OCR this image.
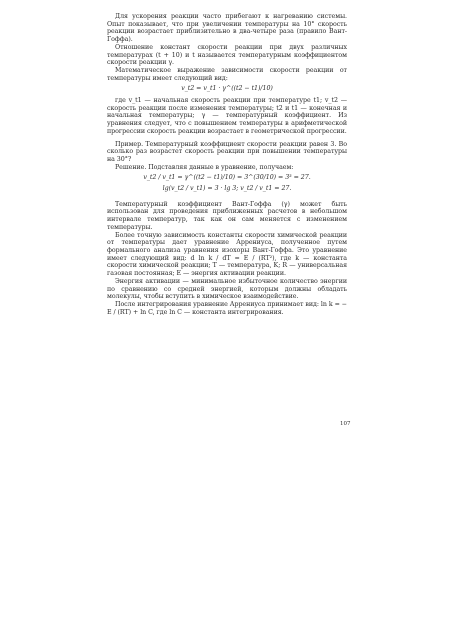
Для ускорения реакции часто прибегают к нагреванию системы. Опыт показывает, что при увеличении температуры на 10° скорость реакции возрастает приблизительно в два-четыре раза (правило Вант-Гоффа).

Отношение констант скорости реакции при двух различных температурах (t + 10) и t называется температурным коэффициентом скорости реакции γ.

Математическое выражение зависимости скорости реакции от температуры имеет следующий вид:

v_t2 = v_t1 · γ^((t2 − t1)/10)

где v_t1 — начальная скорость реакции при температуре t1; v_t2 — скорость реакции после изменения температуры; t2 и t1 — конечная и начальная температуры; γ — температурный коэффициент. Из уравнения следует, что с повышением температуры в арифметической прогрессии скорость реакции возрастает в геометрической прогрессии.

Пример. Температурный коэффициент скорости реакции равен 3. Во сколько раз возрастет скорость реакции при повышении температуры на 30°?

Решение. Подставляя данные в уравнение, получаем:

v_t2 / v_t1 = γ^((t2 − t1)/10) = 3^(30/10) = 3³ = 27.
lg(v_t2 / v_t1) = 3 · lg 3; v_t2 / v_t1 = 27.

Температурный коэффициент Вант-Гоффа (γ) может быть использован для проведения приближенных расчетов в небольшом интервале температур, так как он сам меняется с изменением температуры.

Более точную зависимость константы скорости химической реакции от температуры дает уравнение Аррениуса, полученное путем формального анализа уравнения изохоры Вант-Гоффа. Это уравнение имеет следующий вид: d ln k / dT = E / (RT²), где k — константа скорости химической реакции; T — температура, K; R — универсальная газовая постоянная; E — энергия активации реакции.

Энергия активации — минимальное избыточное количество энергии по сравнению со средней энергией, которым должны обладать молекулы, чтобы вступить в химическое взаимодействие.

После интегрирования уравнение Аррениуса принимает вид: ln k = − E / (RT) + ln C, где ln C — константа интегрирования.

107
